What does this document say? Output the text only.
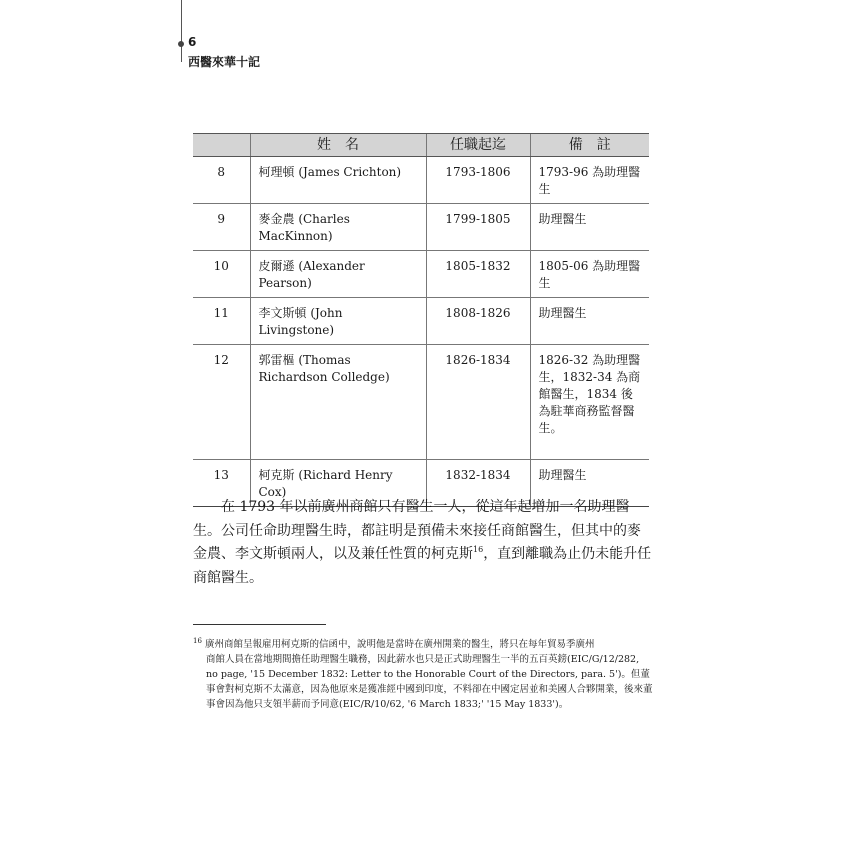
6
西醫來華十記
	姓　名	任職起迄	備　註
8	柯理頓 (James Crichton)	1793-1806	1793-96 為助理醫生
9	麥金農 (Charles MacKinnon)	1799-1805	助理醫生
10	皮爾遜 (Alexander Pearson)	1805-1832	1805-06 為助理醫生
11	李文斯頓 (John Livingstone)	1808-1826	助理醫生
12	郭雷樞 (Thomas Richardson Colledge)	1826-1834	1826-32 為助理醫生，1832-34 為商館醫生，1834 後為駐華商務監督醫生。
13	柯克斯 (Richard Henry Cox)	1832-1834	助理醫生

　　在 1793 年以前廣州商館只有醫生一人，從這年起增加一名助理醫生。公司任命助理醫生時，都註明是預備未來接任商館醫生，但其中的麥金農、李文斯頓兩人，以及兼任性質的柯克斯$^{16}$，直到離職為止仍未能升任商館醫生。

$^{16}$ 廣州商館呈報雇用柯克斯的信函中，說明他是當時在廣州開業的醫生，將只在每年貿易季廣州
商館人員在當地期間擔任助理醫生職務，因此薪水也只是正式助理醫生一半的五百英鎊(EIC/G/12/282, no page, '15 December 1832: Letter to the Honorable Court of the Directors, para. 5')。但董事會對柯克斯不太滿意，因為他原來是獲准經中國到印度，不料卻在中國定居並和美國人合夥開業，後來董事會因為他只支領半薪而予同意(EIC/R/10/62, '6 March 1833;' '15 May 1833')。
